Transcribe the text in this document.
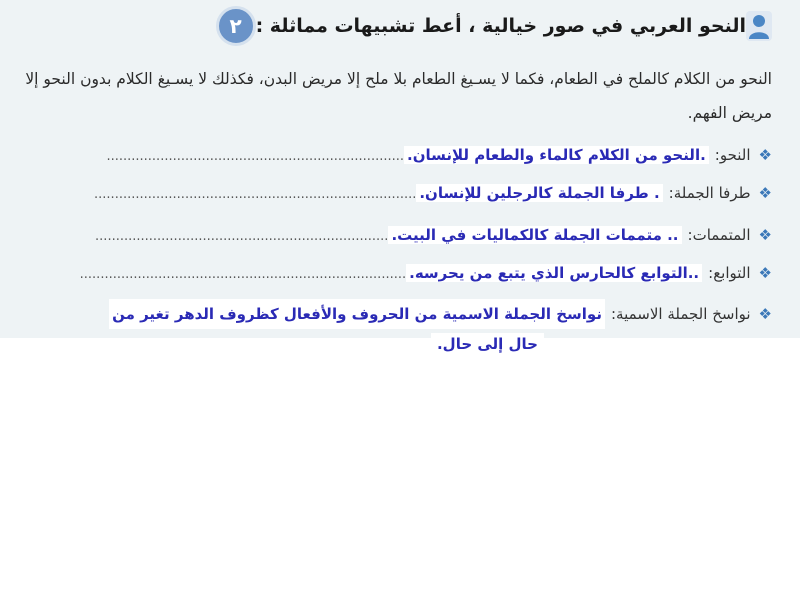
٢ النحو العربي في صور خيالية ، أعط تشبيهات مماثلة :
النحو من الكلام كالملح في الطعام، فكما لا يسـيغ الطعام بلا ملح إلا مريض البدن، فكذلك لا يسـيغ الكلام بدون النحو إلا مريض الفهم.
❖
النحو:
.النحو من الكلام كالماء والطعام للإنسان.
........................................................................
❖
طرفا الجملة:
. طرفا الجملة كالرجلين للإنسان.
..............................................................................
❖
المتممات:
.. متممات الجملة كالكماليات في البيت.
.......................................................................
❖
التوابع:
..التوابع كالحارس الذي يتبع من يحرسه.
...............................................................................
❖
نواسخ الجملة الاسمية:
نواسخ الجملة الاسمية من الحروف والأفعال كظروف الدهر تغير من
حال إلى حال.
